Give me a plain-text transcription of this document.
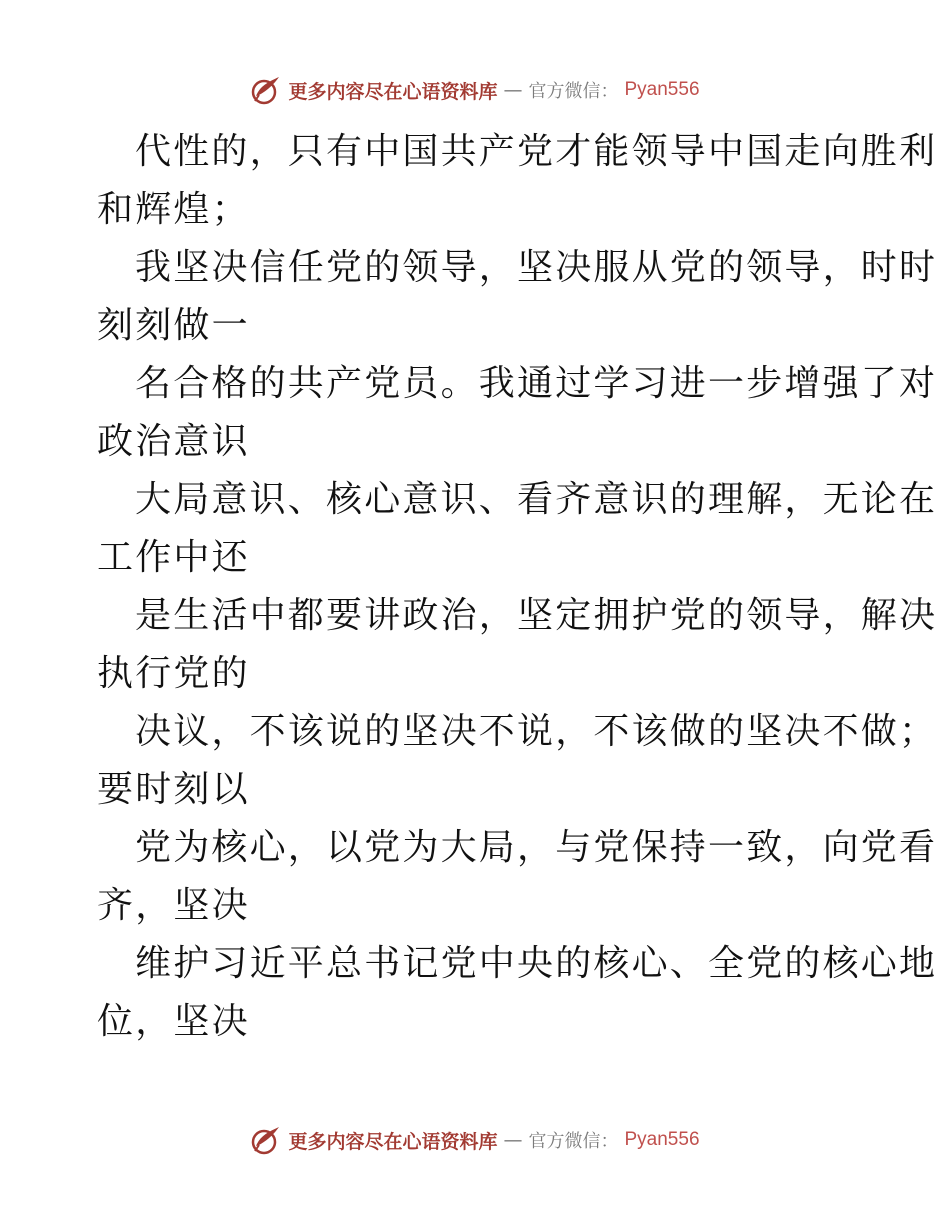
更多内容尽在心语资料库 — 官方微信： Pyan556
代性的，只有中国共产党才能领导中国走向胜利
和辉煌；
我坚决信任党的领导，坚决服从党的领导，时时
刻刻做一
名合格的共产党员。我通过学习进一步增强了对
政治意识
大局意识、核心意识、看齐意识的理解，无论在
工作中还
是生活中都要讲政治，坚定拥护党的领导，解决
执行党的
决议，不该说的坚决不说，不该做的坚决不做；
要时刻以
党为核心，以党为大局，与党保持一致，向党看
齐，坚决
维护习近平总书记党中央的核心、全党的核心地
位，坚决
更多内容尽在心语资料库 — 官方微信： Pyan556
